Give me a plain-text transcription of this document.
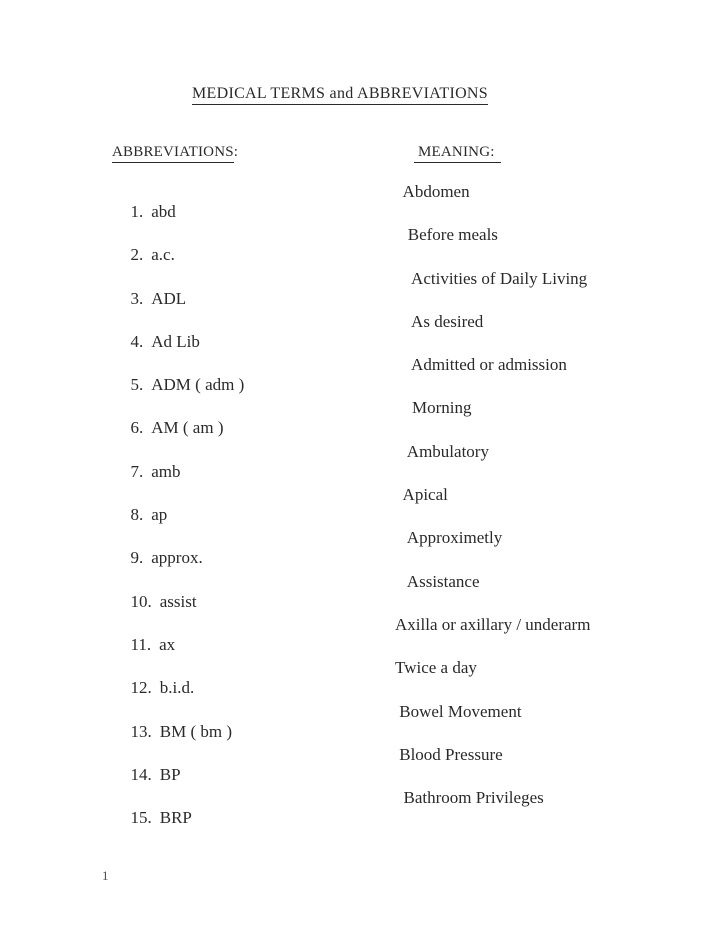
MEDICAL TERMS and ABBREVIATIONS
ABBREVIATIONS:	MEANING:

1. abd

Abdomen

2. a.c.

Before meals

3. ADL

Activities of Daily Living

4. Ad Lib

As desired

5. ADM ( adm )

Admitted or admission

6. AM ( am )

Morning

7. amb

Ambulatory

8. ap

Apical

9. approx.

Approximetly

10. assist

Assistance

11. ax

Axilla or axillary / underarm

12. b.i.d.

Twice a day

13. BM ( bm )

Bowel Movement

14. BP

Blood Pressure

15. BRP

Bathroom Privileges
1
